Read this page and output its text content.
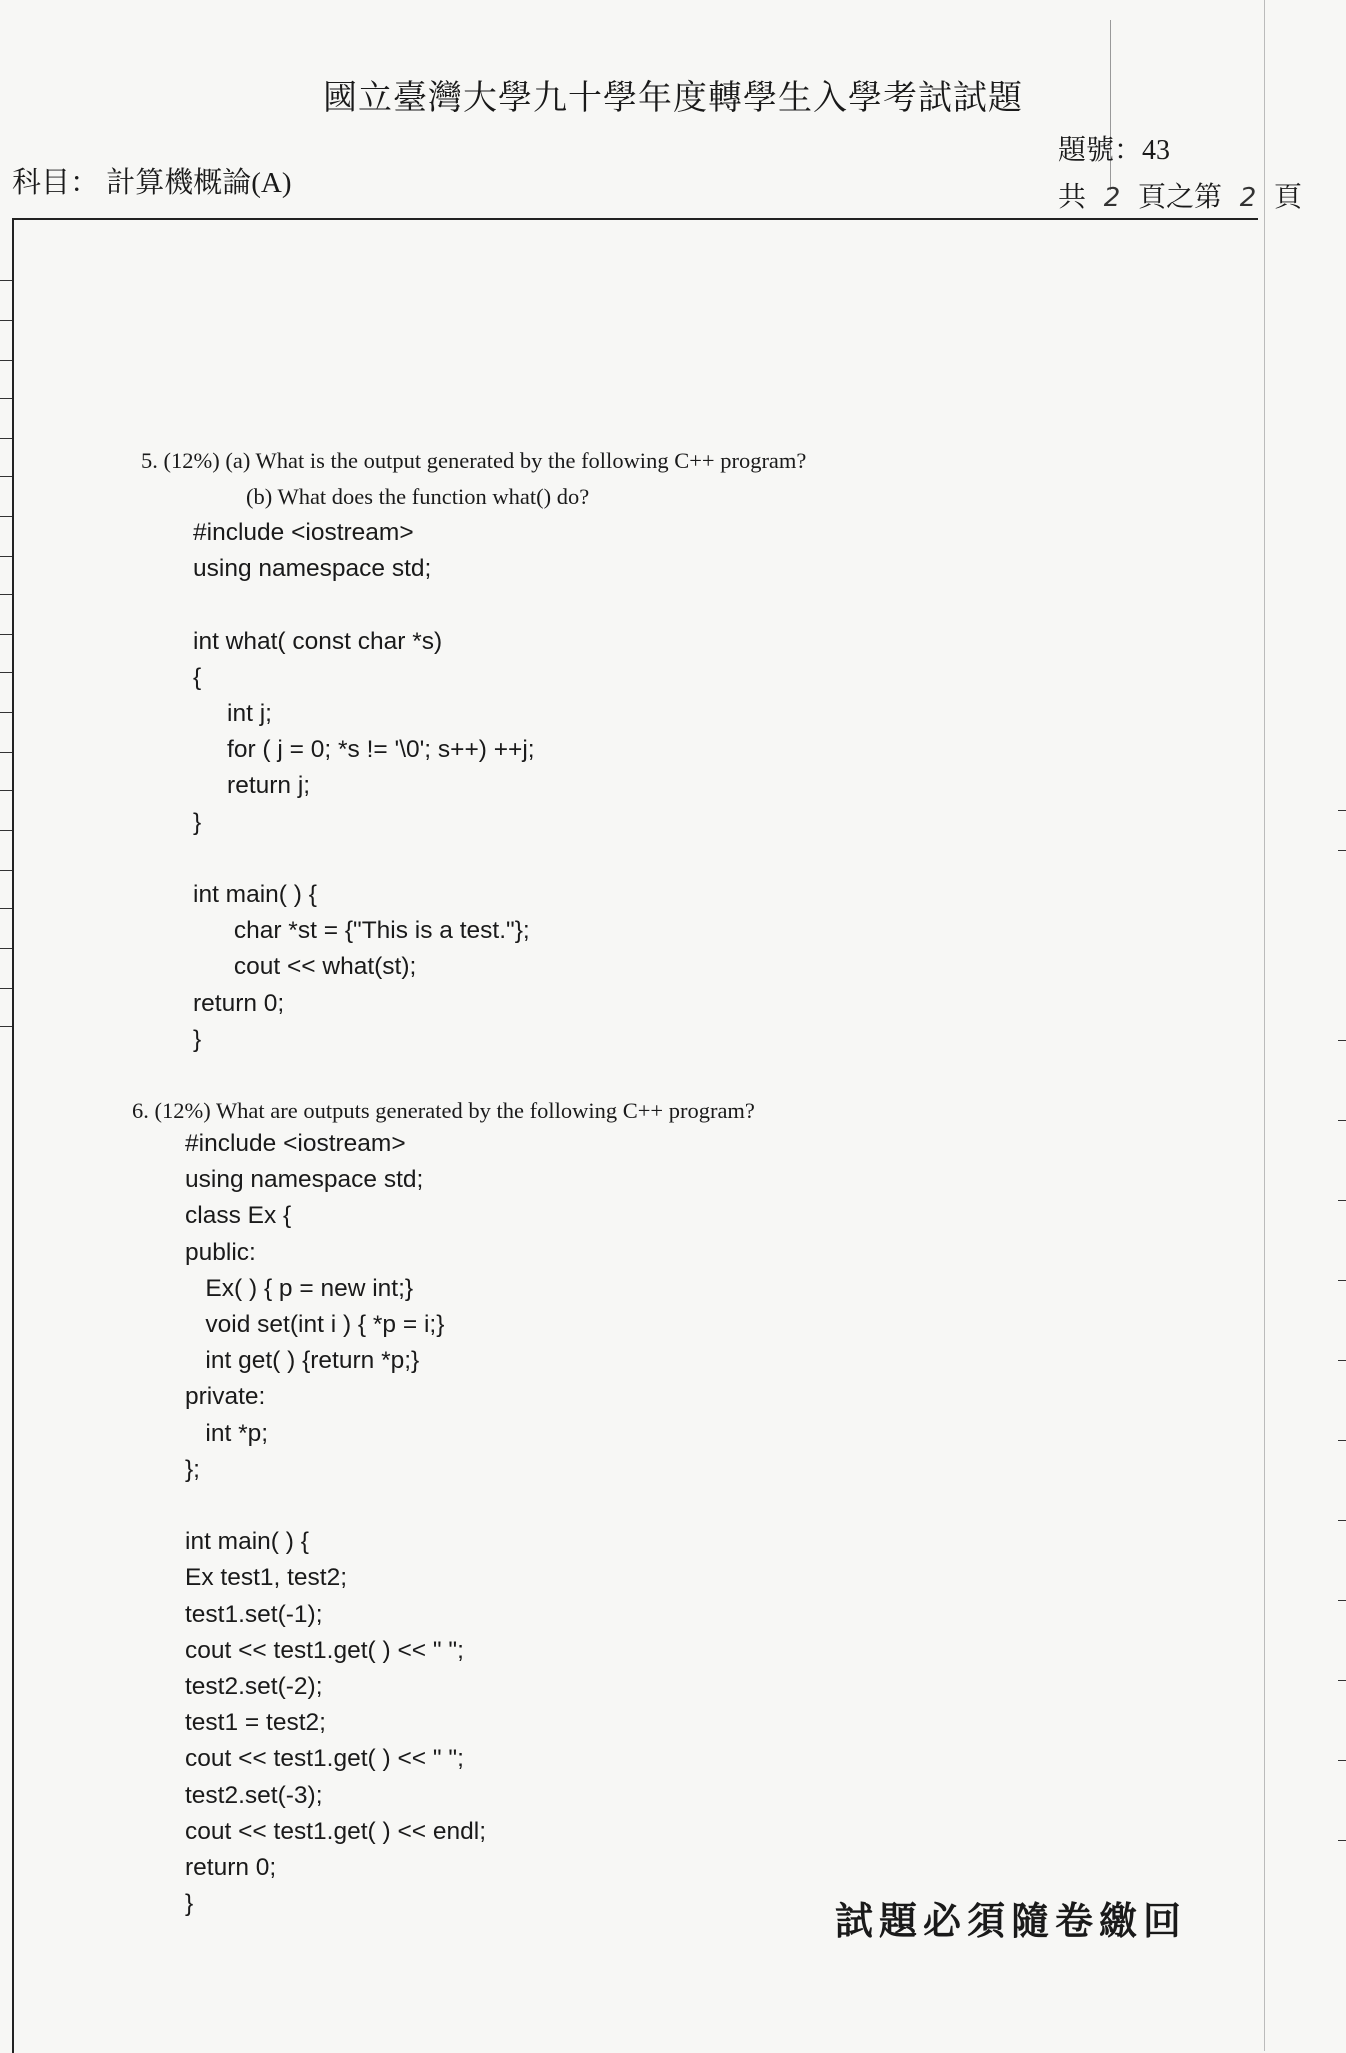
國立臺灣大學九十學年度轉學生入學考試試題
科目： 計算機概論(A)
題號：43
共 2 頁之第 2 頁
5. (12%) (a) What is the output generated by the following C++ program?
(b) What does the function what() do?
#include <iostream>
using namespace std;
int what( const char *s)
{
int j;
for ( j = 0; *s != '\0'; s++) ++j;
return j;
}
int main( ) {
char *st = {"This is a test."};
cout << what(st);
return 0;
}
6. (12%) What are outputs generated by the following C++ program?
#include <iostream>
using namespace std;
class Ex {
public:
Ex( ) { p = new int;}
void set(int i ) { *p = i;}
int get( ) {return *p;}
private:
int *p;
};
int main( ) {
Ex test1, test2;
test1.set(-1);
cout << test1.get( ) << " ";
test2.set(-2);
test1 = test2;
cout << test1.get( ) << " ";
test2.set(-3);
cout << test1.get( ) << endl;
return 0;
}	試題必須隨卷繳回
